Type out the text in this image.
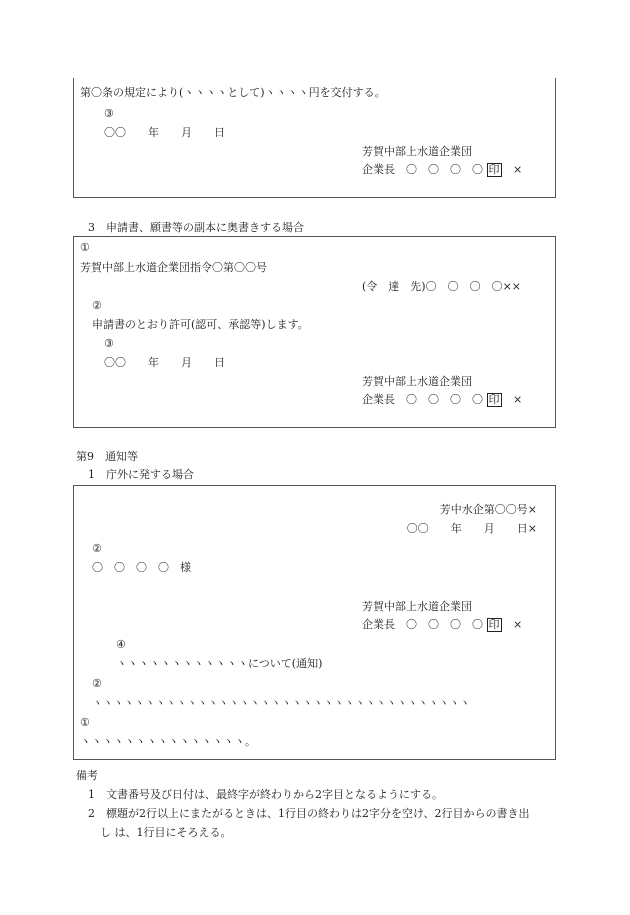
第〇条の規定により(ヽヽヽヽとして)ヽヽヽヽ円を交付する。
③
〇〇　　年　　月　　日
芳賀中部上水道企業団
企業長　〇　〇　〇　〇 印 ×
3　申請書、願書等の副本に奥書きする場合
①
芳賀中部上水道企業団指令〇第〇〇号
(令　達　先)〇　〇　〇　〇××
②
申請書のとおり許可(認可、承認等)します。
③
〇〇　　年　　月　　日
芳賀中部上水道企業団
企業長　〇　〇　〇　〇 印 ×
第9　通知等
1　庁外に発する場合
芳中水企第〇〇号×
〇〇　　年　　月　　日×
②
〇　〇　〇　〇　様
芳賀中部上水道企業団
企業長　〇　〇　〇　〇 印 ×
④
ヽヽヽヽヽヽヽヽヽヽヽヽについて(通知)
②
ヽヽヽヽヽヽヽヽヽヽヽヽヽヽヽヽヽヽヽヽヽヽヽヽヽヽヽヽヽヽヽヽヽヽヽヽ
①
ヽヽヽヽヽヽヽヽヽヽヽヽヽヽヽ。
備考
1　文書番号及び日付は、最終字が終わりから2字目となるようにする。
2　標題が2行以上にまたがるときは、1行目の終わりは2字分を空け、2行目からの書き出
し は、1行目にそろえる。
